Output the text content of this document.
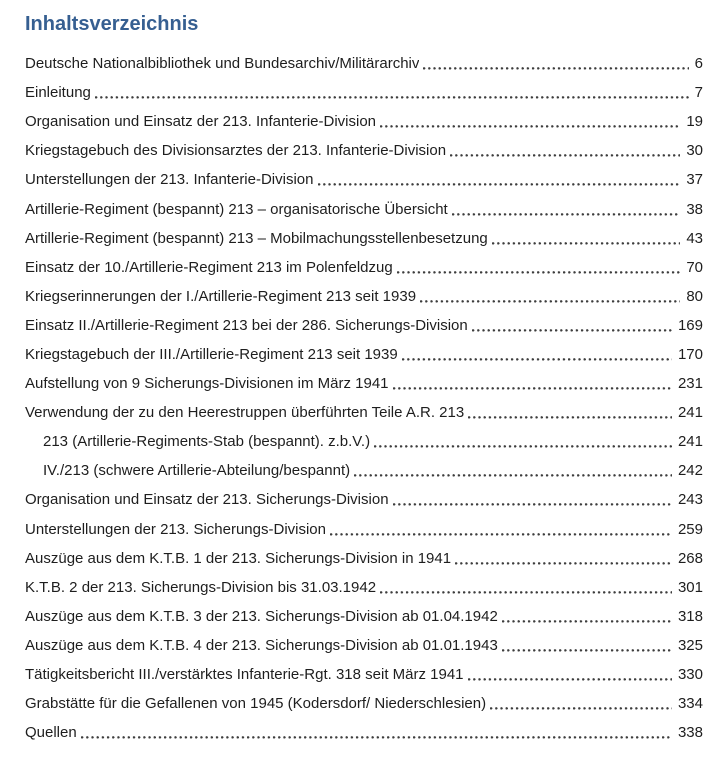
Inhaltsverzeichnis
Deutsche Nationalbibliothek und Bundesarchiv/Militärarchiv	6
Einleitung	7
Organisation und Einsatz der 213. Infanterie-Division	19
Kriegstagebuch des Divisionsarztes der 213. Infanterie-Division	30
Unterstellungen der 213. Infanterie-Division	37
Artillerie-Regiment (bespannt) 213 – organisatorische Übersicht	38
Artillerie-Regiment (bespannt) 213 – Mobilmachungsstellenbesetzung	43
Einsatz der 10./Artillerie-Regiment 213 im Polenfeldzug	70
Kriegserinnerungen der I./Artillerie-Regiment 213 seit 1939	80
Einsatz II./Artillerie-Regiment 213 bei der 286. Sicherungs-Division	169
Kriegstagebuch der III./Artillerie-Regiment 213 seit 1939	170
Aufstellung von 9 Sicherungs-Divisionen im März 1941	231
Verwendung der zu den Heerestruppen überführten Teile A.R. 213	241
213 (Artillerie-Regiments-Stab (bespannt). z.b.V.)	241
IV./213 (schwere Artillerie-Abteilung/bespannt)	242
Organisation und Einsatz der 213. Sicherungs-Division	243
Unterstellungen der 213. Sicherungs-Division	259
Auszüge aus dem K.T.B. 1 der 213. Sicherungs-Division in 1941	268
K.T.B. 2 der 213. Sicherungs-Division bis 31.03.1942	301
Auszüge aus dem K.T.B. 3 der 213. Sicherungs-Division ab 01.04.1942	318
Auszüge aus dem K.T.B. 4 der 213. Sicherungs-Division ab 01.01.1943	325
Tätigkeitsbericht III./verstärktes Infanterie-Rgt. 318 seit März 1941	330
Grabstätte für die Gefallenen von 1945 (Kodersdorf/ Niederschlesien)	334
Quellen	338
